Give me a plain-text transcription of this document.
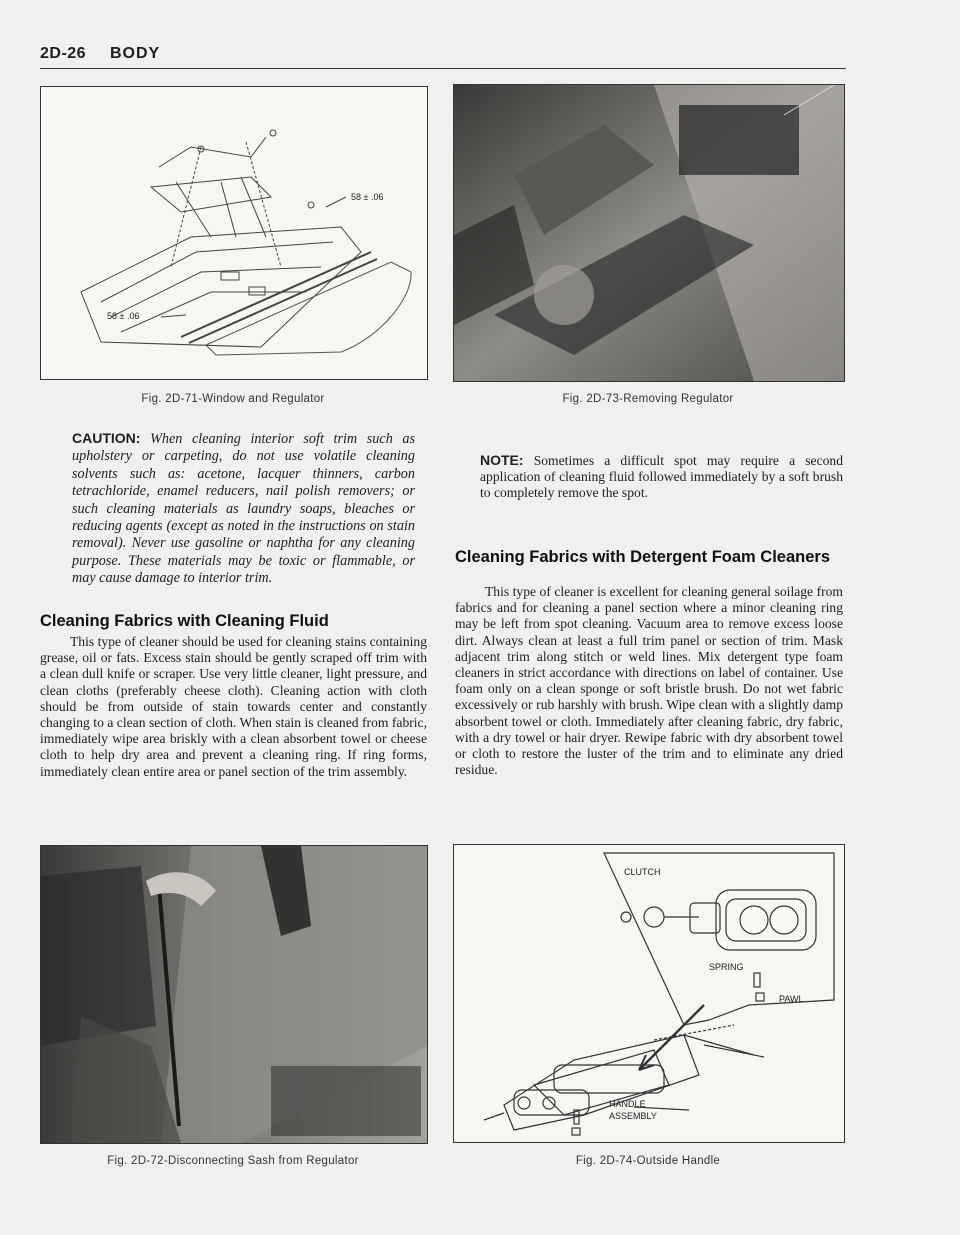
2D-26 BODY
58 ± .06
58 ± .06
Fig. 2D-71-Window and Regulator	Fig. 2D-73-Removing Regulator
CAUTION: When cleaning interior soft trim such as upholstery or carpeting, do not use volatile cleaning solvents such as: acetone, lacquer thinners, carbon tetrachloride, enamel reducers, nail polish removers; or such cleaning materials as laundry soaps, bleaches or reducing agents (except as noted in the instructions on stain removal). Never use gasoline or naphtha for any cleaning purpose. These materials may be toxic or flammable, or may cause damage to interior trim.
Cleaning Fabrics with Cleaning Fluid
This type of cleaner should be used for cleaning stains containing grease, oil or fats. Excess stain should be gently scraped off trim with a clean dull knife or scraper. Use very little cleaner, light pressure, and clean cloths (preferably cheese cloth). Cleaning action with cloth should be from outside of stain towards center and constantly changing to a clean section of cloth. When stain is cleaned from fabric, immediately wipe area briskly with a clean absorbent towel or cheese cloth to help dry area and prevent a cleaning ring. If ring forms, immediately clean entire area or panel section of the trim assembly.
NOTE: Sometimes a difficult spot may require a second application of cleaning fluid followed immediately by a soft brush to completely remove the spot.
Cleaning Fabrics with Detergent Foam Cleaners
This type of cleaner is excellent for cleaning general soilage from fabrics and for cleaning a panel section where a minor cleaning ring may be left from spot cleaning. Vacuum area to remove excess loose dirt. Always clean at least a full trim panel or section of trim. Mask adjacent trim along stitch or weld lines. Mix detergent type foam cleaners in strict accordance with directions on label of container. Use foam only on a clean sponge or soft bristle brush. Do not wet fabric excessively or rub harshly with brush. Wipe clean with a slightly damp absorbent towel or cloth. Immediately after cleaning fabric, dry fabric, with a dry towel or hair dryer. Rewipe fabric with dry absorbent towel or cloth to restore the luster of the trim and to eliminate any dried residue.
Fig. 2D-72-Disconnecting Sash from Regulator
CLUTCH
SPRING
PAWL
HANDLE
ASSEMBLY
Fig. 2D-74-Outside Handle
